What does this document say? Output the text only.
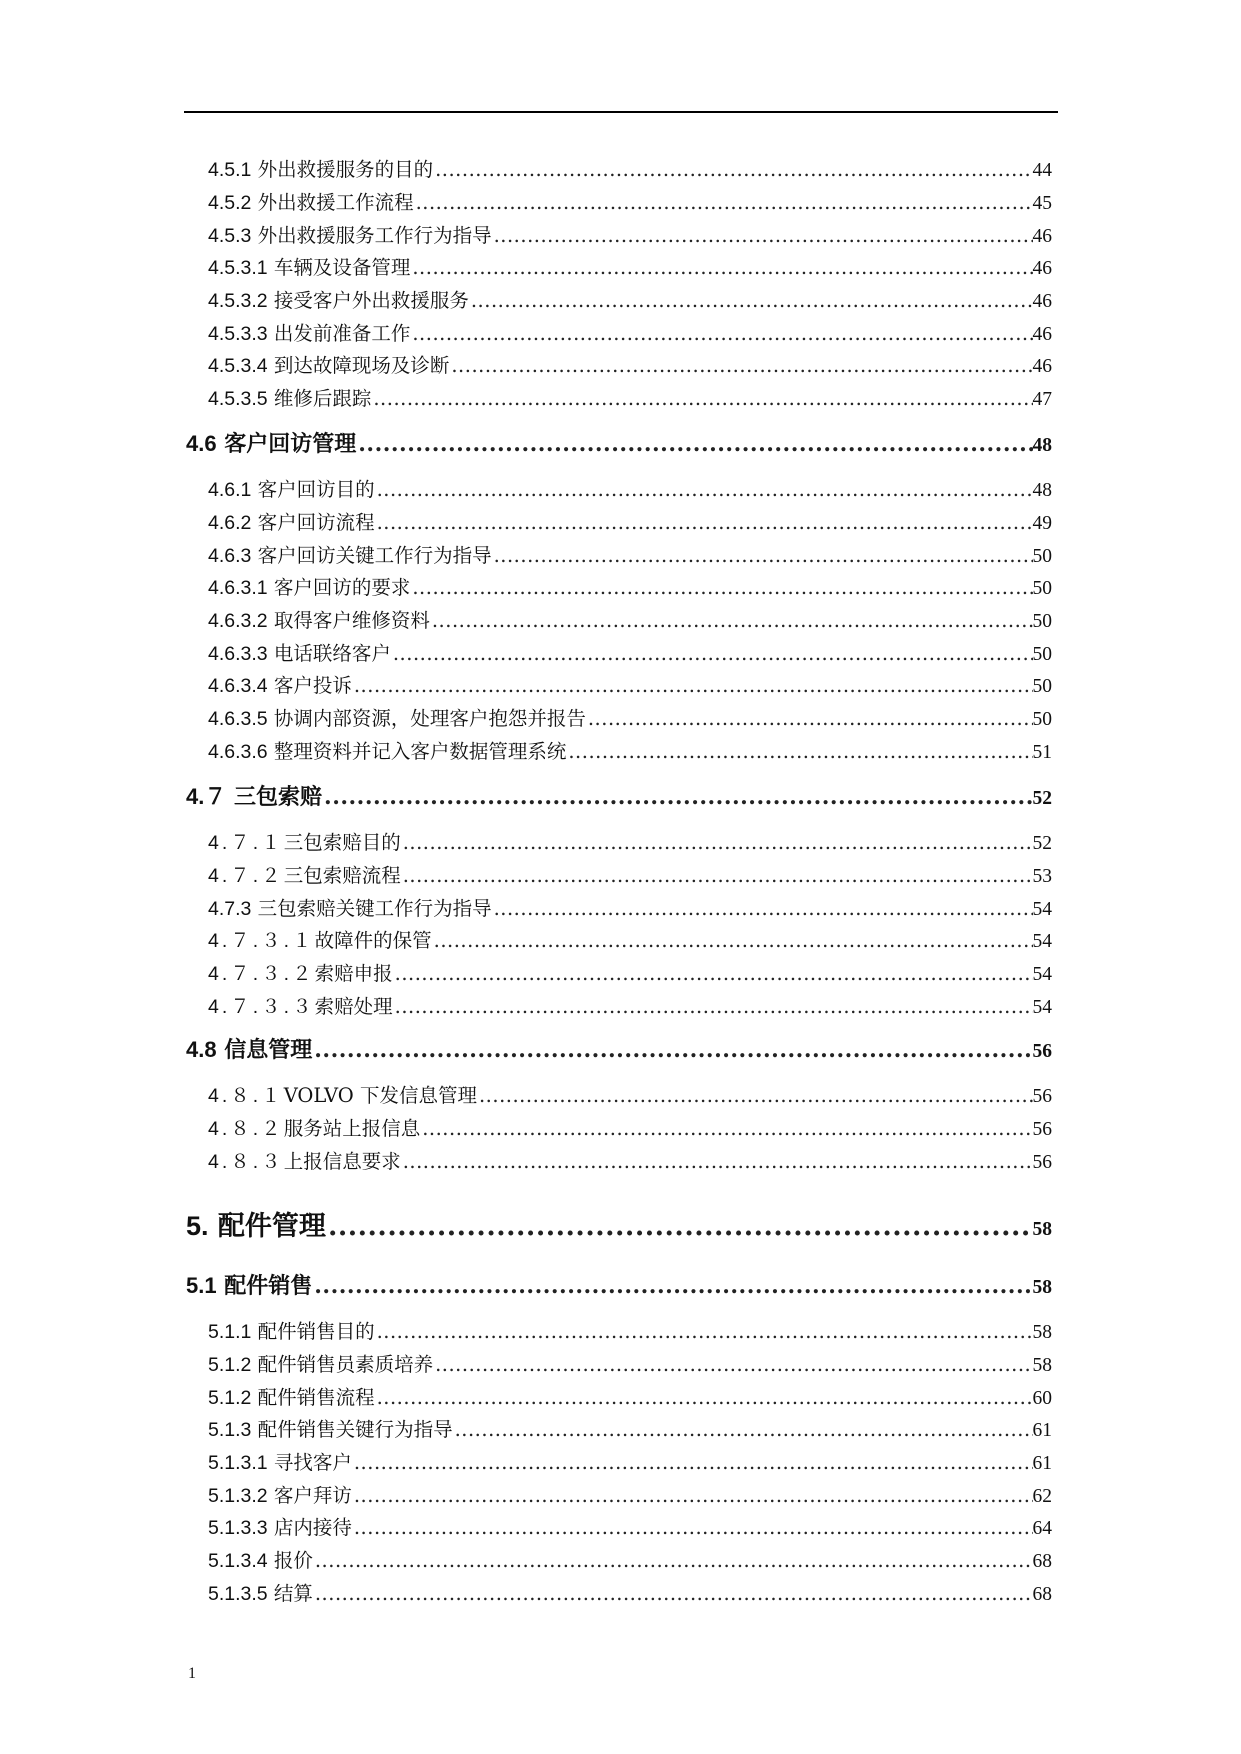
4.5.1 外出救援服务的目的 .....	44
4.5.2 外出救援工作流程 .....	45
4.5.3 外出救援服务工作行为指导 .....	46
4.5.3.1 车辆及设备管理 .....	46
4.5.3.2 接受客户外出救援服务 .....	46
4.5.3.3 出发前准备工作 .....	46
4.5.3.4 到达故障现场及诊断 .....	46
4.5.3.5 维修后跟踪 .....	47
4.6 客户回访管理 .....	48
4.6.1 客户回访目的 .....	48
4.6.2 客户回访流程 .....	49
4.6.3 客户回访关键工作行为指导 .....	50
4.6.3.1 客户回访的要求 .....	50
4.6.3.2 取得客户维修资料 .....	50
4.6.3.3 电话联络客户 .....	50
4.6.3.4 客户投诉 .....	50
4.6.3.5 协调内部资源，处理客户抱怨并报告 .....	50
4.6.3.6 整理资料并记入客户数据管理系统 .....	51
4.７ 三包索赔 .....	52
4.７.１三包索赔目的 .....	52
4.７.２三包索赔流程 .....	53
4.7.3 三包索赔关键工作行为指导 .....	54
4.７.３.１故障件的保管 .....	54
4.７.３.２索赔申报 .....	54
4.７.３.３索赔处理 .....	54
4.8 信息管理 .....	56
4.８.１VOLVO 下发信息管理 .....	56
4.８.２服务站上报信息 .....	56
4.８.３上报信息要求 .....	56
5. 配件管理 .....	58
5.1 配件销售 .....	58
5.1.1 配件销售目的 .....	58
5.1.2 配件销售员素质培养 .....	58
5.1.2 配件销售流程 .....	60
5.1.3 配件销售关键行为指导 .....	61
5.1.3.1 寻找客户 .....	61
5.1.3.2 客户拜访 .....	62
5.1.3.3 店内接待 .....	64
5.1.3.4 报价 .....	68
5.1.3.5 结算 .....	68
1
